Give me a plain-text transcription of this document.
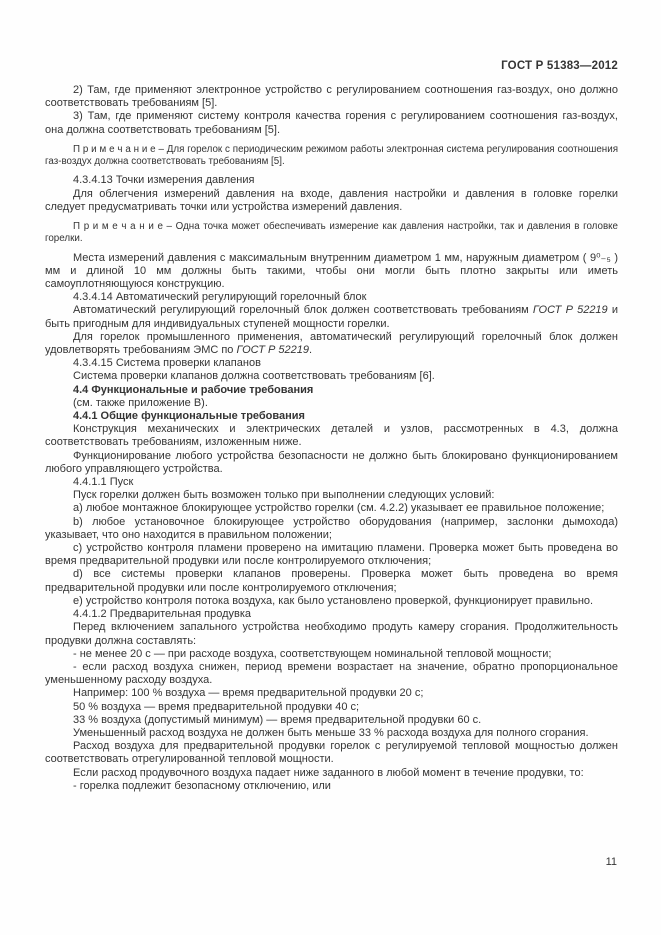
ГОСТ Р 51383—2012

2) Там, где применяют электронное устройство с регулированием соотношения газ-воздух, оно должно соответствовать требованиям [5].

3) Там, где применяют систему контроля качества горения с регулированием соотношения газ-воздух, она должна соответствовать требованиям [5].

П р и м е ч а н и е – Для горелок с периодическим режимом работы электронная система регулирования соотношения газ-воздух должна соответствовать требованиям [5].

4.3.4.13 Точки измерения давления

Для облегчения измерений давления на входе, давления настройки и давления в головке горелки следует предусматривать точки или устройства измерений давления.

П р и м е ч а н и е – Одна точка может обеспечивать измерение как давления настройки, так и давления в головке горелки.

Места измерений давления с максимальным внутренним диаметром 1 мм, наружным диаметром ( 9⁰₋₅ ) мм и длиной 10 мм должны быть такими, чтобы они могли быть плотно закрыты или иметь самоуплотняющуюся конструкцию.

4.3.4.14 Автоматический регулирующий горелочный блок

Автоматический регулирующий горелочный блок должен соответствовать требованиям ГОСТ Р 52219 и быть пригодным для индивидуальных ступеней мощности горелки.

Для горелок промышленного применения, автоматический регулирующий горелочный блок должен удовлетворять требованиям ЭМС по ГОСТ Р 52219.

4.3.4.15 Система проверки клапанов

Система проверки клапанов должна соответствовать требованиям [6].

4.4 Функциональные и рабочие требования

(см. также приложение В).

4.4.1 Общие функциональные требования

Конструкция механических и электрических деталей и узлов, рассмотренных в 4.3, должна соответствовать требованиям, изложенным ниже.

Функционирование любого устройства безопасности не должно быть блокировано функционированием любого управляющего устройства.

4.4.1.1 Пуск

Пуск горелки должен быть возможен только при выполнении следующих условий:

a) любое монтажное блокирующее устройство горелки (см. 4.2.2) указывает ее правильное положение;

b) любое установочное блокирующее устройство оборудования (например, заслонки дымохода) указывает, что оно находится в правильном положении;

c) устройство контроля пламени проверено на имитацию пламени. Проверка может быть проведена во время предварительной продувки или после контролируемого отключения;

d) все системы проверки клапанов проверены. Проверка может быть проведена во время предварительной продувки или после контролируемого отключения;

e) устройство контроля потока воздуха, как было установлено проверкой, функционирует правильно.

4.4.1.2 Предварительная продувка

Перед включением запального устройства необходимо продуть камеру сгорания. Продолжительность продувки должна составлять:

- не менее 20 с — при расходе воздуха, соответствующем номинальной тепловой мощности;

- если расход воздуха снижен, период времени возрастает на значение, обратно пропорциональное уменьшенному расходу воздуха.

Например: 100 % воздуха — время предварительной продувки 20 с;

50 % воздуха — время предварительной продувки 40 с;

33 % воздуха (допустимый минимум) — время предварительной продувки 60 с.

Уменьшенный расход воздуха не должен быть меньше 33 % расхода воздуха для полного сгорания.

Расход воздуха для предварительной продувки горелок с регулируемой тепловой мощностью должен соответствовать отрегулированной тепловой мощности.

Если расход продувочного воздуха падает ниже заданного в любой момент в течение продувки, то:

- горелка подлежит безопасному отключению, или

11
